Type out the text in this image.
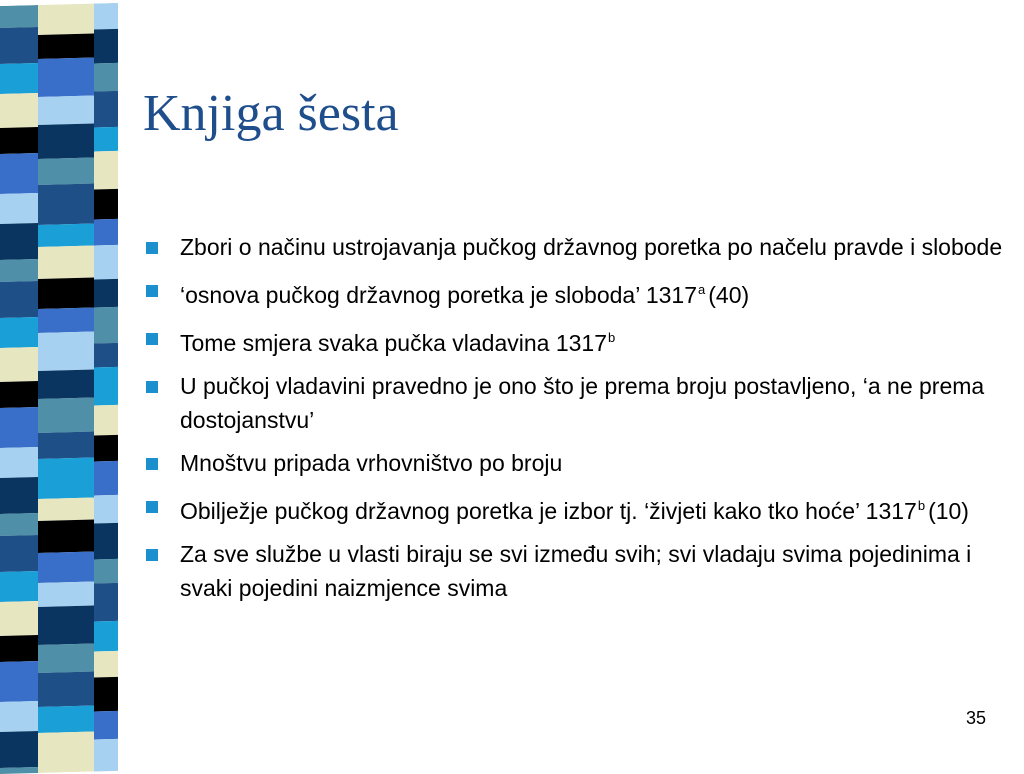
Knjiga šesta
Zbori o načinu ustrojavanja pučkog državnog poretka po načelu pravde i slobode
‘osnova pučkog državnog poretka je sloboda’ 1317$^a$ (40)
Tome smjera svaka pučka vladavina 1317$^b$
U pučkoj vladavini pravedno je ono što je prema broju postavljeno, ‘a ne prema dostojanstvu’
Mnoštvu pripada vrhovništvo po broju
Obilježje pučkog državnog poretka je izbor tj. ‘živjeti kako tko hoće’ 1317$^b$ (10)
Za sve službe u vlasti biraju se svi između svih; svi vladaju svima pojedinima i svaki pojedini naizmjence svima
35
